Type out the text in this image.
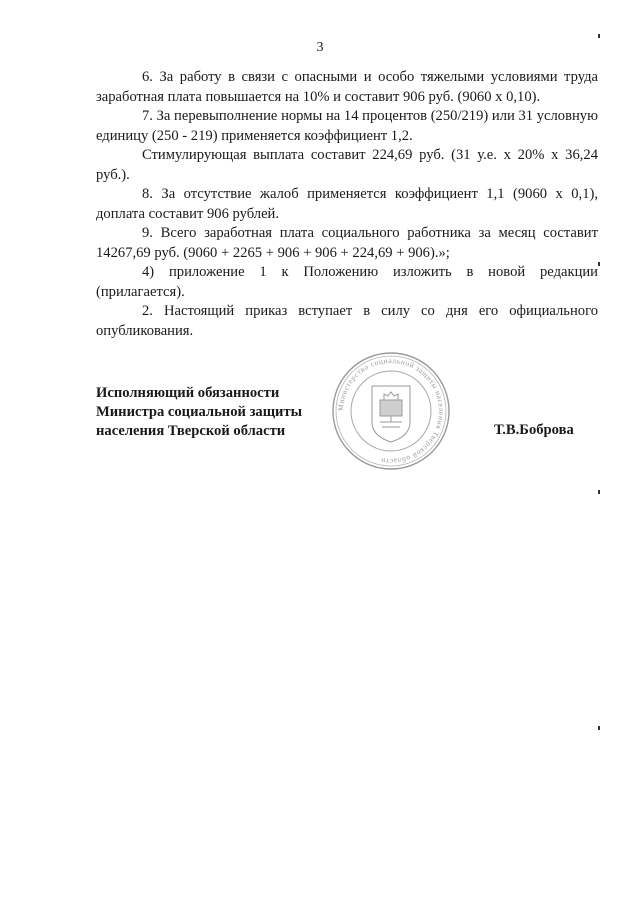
3

6. За работу в связи с опасными и особо тяжелыми условиями труда заработная плата повышается на 10% и составит 906 руб. (9060 x 0,10).

7. За перевыполнение нормы на 14 процентов (250/219) или 31 условную единицу (250 - 219) применяется коэффициент 1,2.

Стимулирующая выплата составит 224,69 руб. (31 у.е. x 20% x 36,24 руб.).

8. За отсутствие жалоб применяется коэффициент 1,1 (9060 x 0,1), доплата составит 906 рублей.

9. Всего заработная плата социального работника за месяц составит 14267,69 руб. (9060 + 2265 + 906 + 906 + 224,69 + 906).»;

4) приложение 1 к Положению изложить в новой редакции (прилагается).

2. Настоящий приказ вступает в силу со дня его официального опубликования.

Исполняющий обязанности
Министра социальной защиты
населения Тверской области
Министерство социальной защиты населения Тверской области
Т.В.Боброва
